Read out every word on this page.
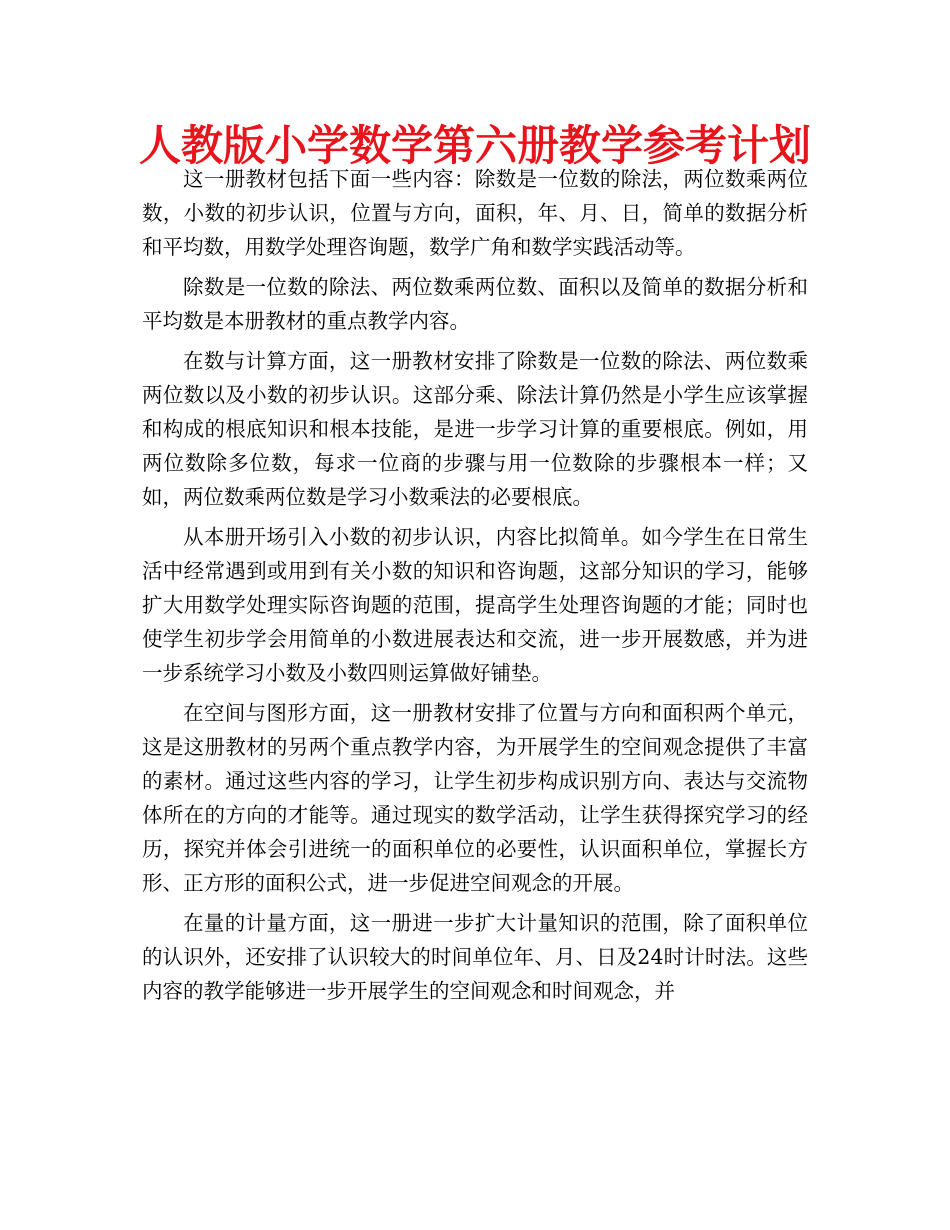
人教版小学数学第六册教学参考计划

这一册教材包括下面一些内容：除数是一位数的除法，两位数乘两位数，小数的初步认识，位置与方向，面积，年、月、日，简单的数据分析和平均数，用数学处理咨询题，数学广角和数学实践活动等。

除数是一位数的除法、两位数乘两位数、面积以及简单的数据分析和平均数是本册教材的重点教学内容。

在数与计算方面，这一册教材安排了除数是一位数的除法、两位数乘两位数以及小数的初步认识。这部分乘、除法计算仍然是小学生应该掌握和构成的根底知识和根本技能，是进一步学习计算的重要根底。例如，用两位数除多位数，每求一位商的步骤与用一位数除的步骤根本一样；又如，两位数乘两位数是学习小数乘法的必要根底。

从本册开场引入小数的初步认识，内容比拟简单。如今学生在日常生活中经常遇到或用到有关小数的知识和咨询题，这部分知识的学习，能够扩大用数学处理实际咨询题的范围，提高学生处理咨询题的才能；同时也使学生初步学会用简单的小数进展表达和交流，进一步开展数感，并为进一步系统学习小数及小数四则运算做好铺垫。

在空间与图形方面，这一册教材安排了位置与方向和面积两个单元，这是这册教材的另两个重点教学内容，为开展学生的空间观念提供了丰富的素材。通过这些内容的学习，让学生初步构成识别方向、表达与交流物体所在的方向的才能等。通过现实的数学活动，让学生获得探究学习的经历，探究并体会引进统一的面积单位的必要性，认识面积单位，掌握长方形、正方形的面积公式，进一步促进空间观念的开展。

在量的计量方面，这一册进一步扩大计量知识的范围，除了面积单位的认识外，还安排了认识较大的时间单位年、月、日及24时计时法。这些内容的教学能够进一步开展学生的空间观念和时间观念，并
